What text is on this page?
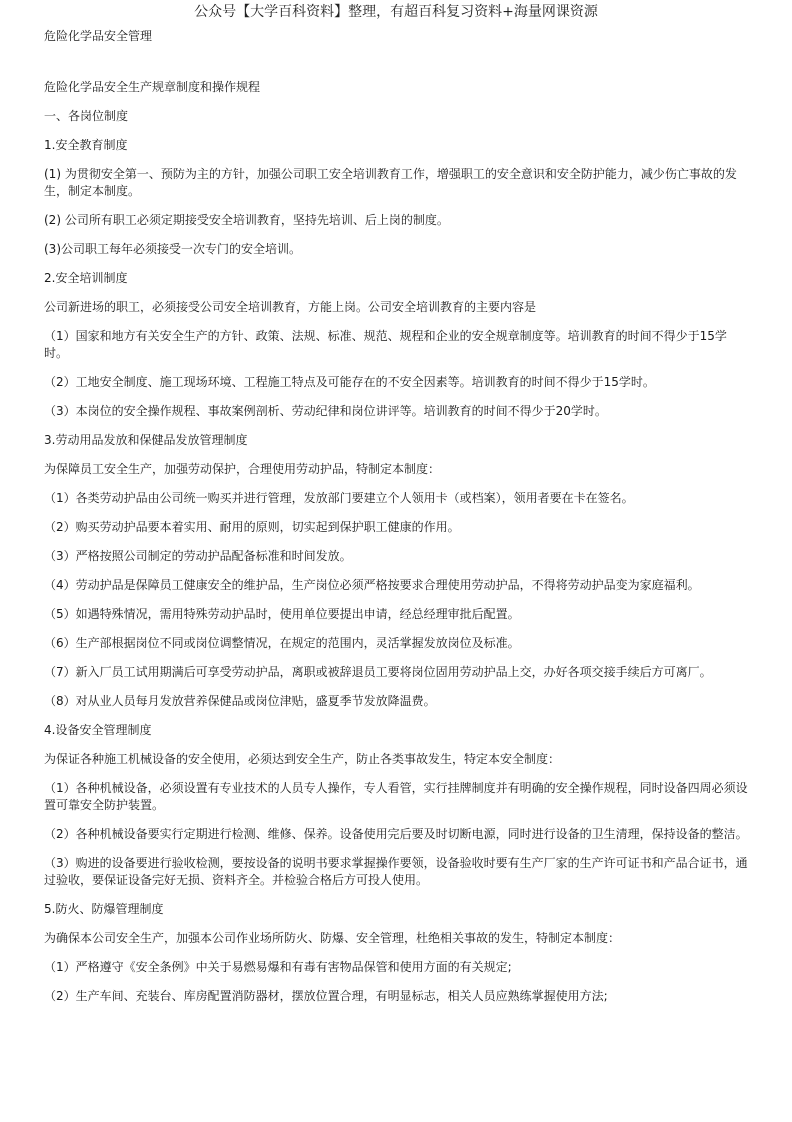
公众号【大学百科资料】整理，有超百科复习资料+海量网课资源

危险化学品安全管理

危险化学品安全生产规章制度和操作规程

一、各岗位制度

1.安全教育制度

(1) 为贯彻安全第一、预防为主的方针，加强公司职工安全培训教育工作，增强职工的安全意识和安全防护能力，减少伤亡事故的发生，制定本制度。

(2) 公司所有职工必须定期接受安全培训教育，坚持先培训、后上岗的制度。

(3)公司职工每年必须接受一次专门的安全培训。

2.安全培训制度

公司新进场的职工，必须接受公司安全培训教育，方能上岗。公司安全培训教育的主要内容是

（1）国家和地方有关安全生产的方针、政策、法规、标准、规范、规程和企业的安全规章制度等。培训教育的时间不得少于15学时。

（2）工地安全制度、施工现场环境、工程施工特点及可能存在的不安全因素等。培训教育的时间不得少于15学时。

（3）本岗位的安全操作规程、事故案例剖析、劳动纪律和岗位讲评等。培训教育的时间不得少于20学时。

3.劳动用品发放和保健品发放管理制度

为保障员工安全生产，加强劳动保护，合理使用劳动护品，特制定本制度：

（1）各类劳动护品由公司统一购买并进行管理，发放部门要建立个人领用卡（或档案），领用者要在卡在签名。

（2）购买劳动护品要本着实用、耐用的原则，切实起到保护职工健康的作用。

（3）严格按照公司制定的劳动护品配备标准和时间发放。

（4）劳动护品是保障员工健康安全的维护品，生产岗位必须严格按要求合理使用劳动护品，不得将劳动护品变为家庭福利。

（5）如遇特殊情况，需用特殊劳动护品时，使用单位要提出申请，经总经理审批后配置。

（6）生产部根据岗位不同或岗位调整情况，在规定的范围内，灵活掌握发放岗位及标准。

（7）新入厂员工试用期满后可享受劳动护品，离职或被辞退员工要将岗位固用劳动护品上交，办好各项交接手续后方可离厂。

（8）对从业人员每月发放营养保健品或岗位津贴，盛夏季节发放降温费。

4.设备安全管理制度

为保证各种施工机械设备的安全使用，必须达到安全生产，防止各类事故发生，特定本安全制度：

（1）各种机械设备，必须设置有专业技术的人员专人操作，专人看管，实行挂牌制度并有明确的安全操作规程，同时设备四周必须设置可靠安全防护装置。

（2）各种机械设备要实行定期进行检测、维修、保养。设备使用完后要及时切断电源，同时进行设备的卫生清理，保持设备的整洁。

（3）购进的设备要进行验收检测，要按设备的说明书要求掌握操作要领，设备验收时要有生产厂家的生产许可证书和产品合证书，通过验收，要保证设备完好无损、资料齐全。并检验合格后方可投人使用。

5.防火、防爆管理制度

为确保本公司安全生产，加强本公司作业场所防火、防爆、安全管理，杜绝相关事故的发生，特制定本制度：

（1）严格遵守《安全条例》中关于易燃易爆和有毒有害物品保管和使用方面的有关规定;

（2）生产车间、充装台、库房配置消防器材，摆放位置合理，有明显标志，相关人员应熟练掌握使用方法;
